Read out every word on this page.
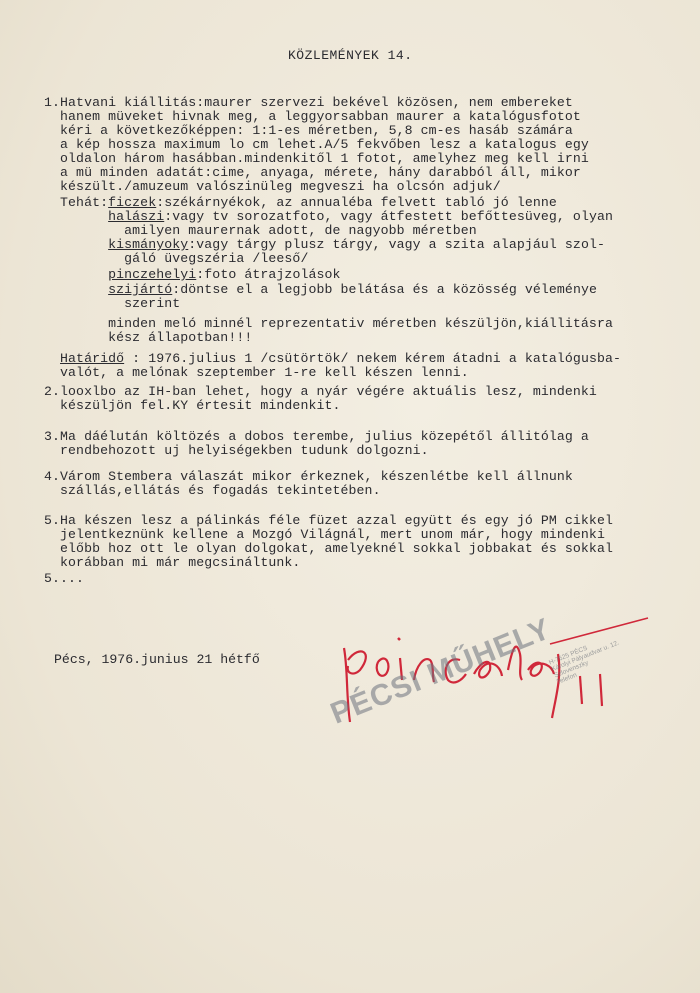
KÖZLEMÉNYEK 14.
1.Hatvani kiállitás:maurer szervezi bekével közösen, nem embereket
hanem müveket hivnak meg, a leggyorsabban maurer a katalógusfotot
kéri a következőképpen: 1:1-es méretben, 5,8 cm-es hasáb számára
a kép hossza maximum lo cm lehet.A/5 fekvőben lesz a katalogus egy
oldalon három hasábban.mindenkitől 1 fotot, amelyhez meg kell irni
a mü minden adatát:cime, anyaga, mérete, hány darabból áll, mikor
készült./amuzeum valószinüleg megveszi ha olcsón adjuk/
Tehát:ficzek:székárnyékok, az annualéba felvett tabló jó lenne
halászi:vagy tv sorozatfoto, vagy átfestett befőttesüveg, olyan
amilyen maurernak adott, de nagyobb méretben
kismányoky:vagy tárgy plusz tárgy, vagy a szita alapjául szol-
gáló üvegszéria /leeső/
pinczehelyi:foto átrajzolások
szijártó:döntse el a legjobb belátása és a közösség véleménye
szerint
minden meló minnél reprezentativ méretben készüljön,kiállitásra
kész állapotban!!!
Határidő : 1976.julius 1 /csütörtök/ nekem kérem átadni a katalógusba-
valót, a melónak szeptember 1-re kell készen lenni.
2.looxlbo az IH-ban lehet, hogy a nyár végére aktuális lesz, mindenki
készüljön fel.KY értesit mindenkit.
3.Ma dáélután költözés a dobos terembe, julius közepétől állitólag a
rendbehozott uj helyiségekben tudunk dolgozni.
4.Várom Stembera válaszát mikor érkeznek, készenlétbe kell állnunk
szállás,ellátás és fogadás tekintetében.
5.Ha készen lesz a pálinkás féle füzet azzal együtt és egy jó PM cikkel
jelentkeznünk kellene a Mozgó Világnál, mert unom már, hogy mindenki
előbb hoz ott le olyan dolgokat, amelyeknél sokkal jobbakat és sokkal
korábban mi már megcsináltunk.
5....
Pécs, 1976.junius 21 hétfő PÉCSI MŰHELY
H-7625 PÉCS
Károlyi Pályaudvar u. 12.
Szlovenszky
Telefon
